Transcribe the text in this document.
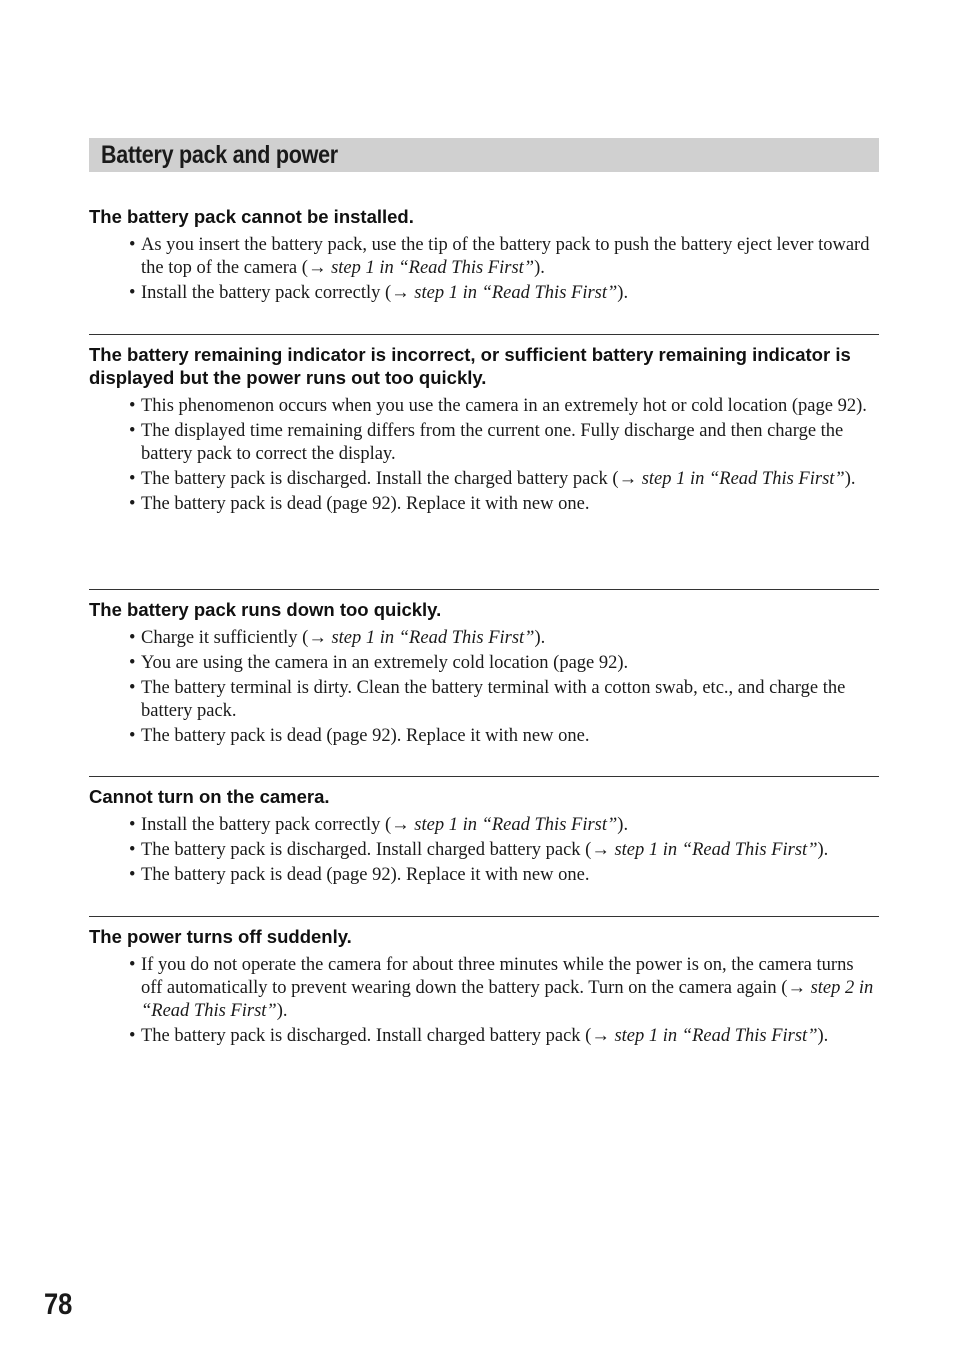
Battery pack and power
The battery pack cannot be installed.
• As you insert the battery pack, use the tip of the battery pack to push the battery eject lever toward the top of the camera (→ step 1 in “Read This First”).
• Install the battery pack correctly (→ step 1 in “Read This First”).
The battery remaining indicator is incorrect, or sufficient battery remaining indicator is displayed but the power runs out too quickly.
• This phenomenon occurs when you use the camera in an extremely hot or cold location (page 92).
• The displayed time remaining differs from the current one. Fully discharge and then charge the battery pack to correct the display.
• The battery pack is discharged. Install the charged battery pack (→ step 1 in “Read This First”).
• The battery pack is dead (page 92). Replace it with new one.
The battery pack runs down too quickly.
• Charge it sufficiently (→ step 1 in “Read This First”).
• You are using the camera in an extremely cold location (page 92).
• The battery terminal is dirty. Clean the battery terminal with a cotton swab, etc., and charge the battery pack.
• The battery pack is dead (page 92). Replace it with new one.
Cannot turn on the camera.
• Install the battery pack correctly (→ step 1 in “Read This First”).
• The battery pack is discharged. Install charged battery pack (→ step 1 in “Read This First”).
• The battery pack is dead (page 92). Replace it with new one.
The power turns off suddenly.
• If you do not operate the camera for about three minutes while the power is on, the camera turns off automatically to prevent wearing down the battery pack. Turn on the camera again (→ step 2 in “Read This First”).
• The battery pack is discharged. Install charged battery pack (→ step 1 in “Read This First”).
78
